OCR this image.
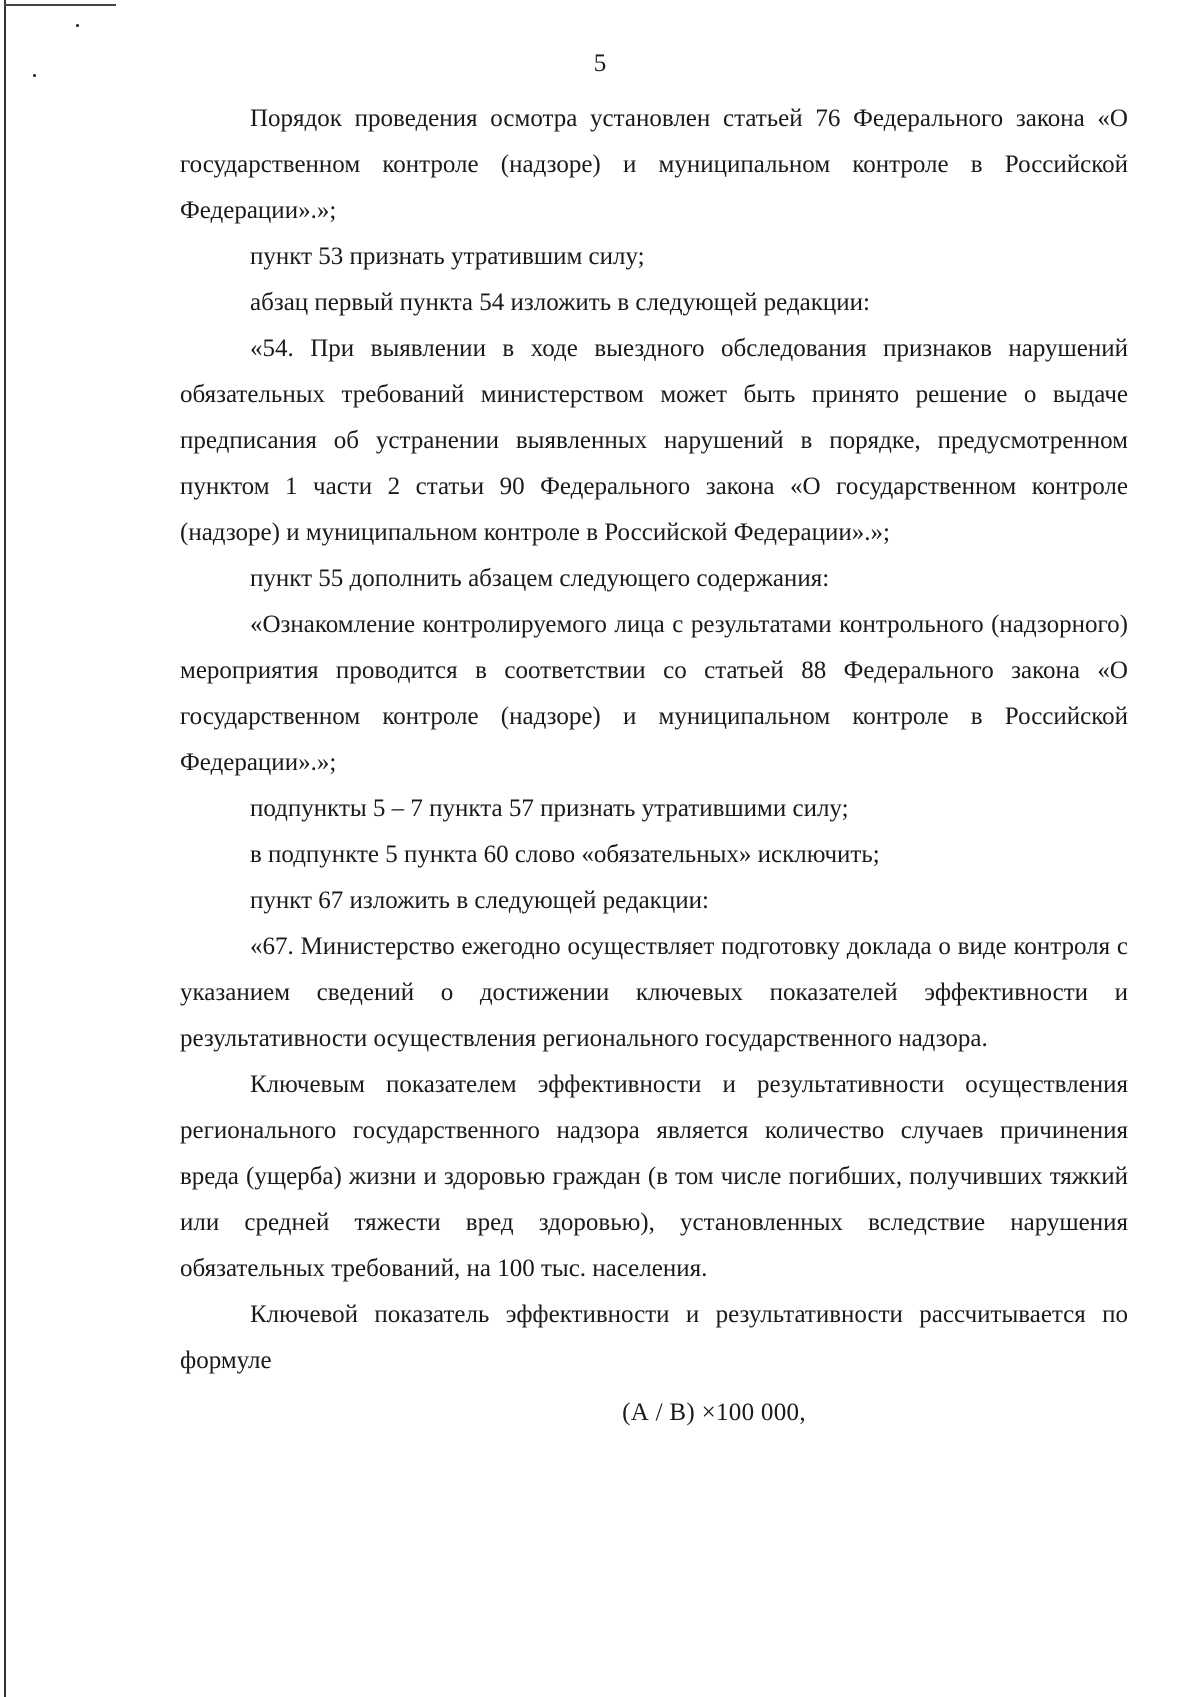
5

Порядок проведения осмотра установлен статьей 76 Федерального закона «О государственном контроле (надзоре) и муниципальном контроле в Российской Федерации».»;

пункт 53 признать утратившим силу;

абзац первый пункта 54 изложить в следующей редакции:

«54. При выявлении в ходе выездного обследования признаков нарушений обязательных требований министерством может быть принято решение о выдаче предписания об устранении выявленных нарушений в порядке, предусмотренном пунктом 1 части 2 статьи 90 Федерального закона «О государственном контроле (надзоре) и муниципальном контроле в Российской Федерации».»;

пункт 55 дополнить абзацем следующего содержания:

«Ознакомление контролируемого лица с результатами контрольного (надзорного) мероприятия проводится в соответствии со статьей 88 Федерального закона «О государственном контроле (надзоре) и муниципальном контроле в Российской Федерации».»;

подпункты 5 – 7 пункта 57 признать утратившими силу;

в подпункте 5 пункта 60 слово «обязательных» исключить;

пункт 67 изложить в следующей редакции:

«67. Министерство ежегодно осуществляет подготовку доклада о виде контроля с указанием сведений о достижении ключевых показателей эффективности и результативности осуществления регионального государственного надзора.

Ключевым показателем эффективности и результативности осуществления регионального государственного надзора является количество случаев причинения вреда (ущерба) жизни и здоровью граждан (в том числе погибших, получивших тяжкий или средней тяжести вред здоровью), установленных вследствие нарушения обязательных требований, на 100 тыс. населения.

Ключевой показатель эффективности и результативности рассчитывается по формуле

(А / В) ×100 000,
